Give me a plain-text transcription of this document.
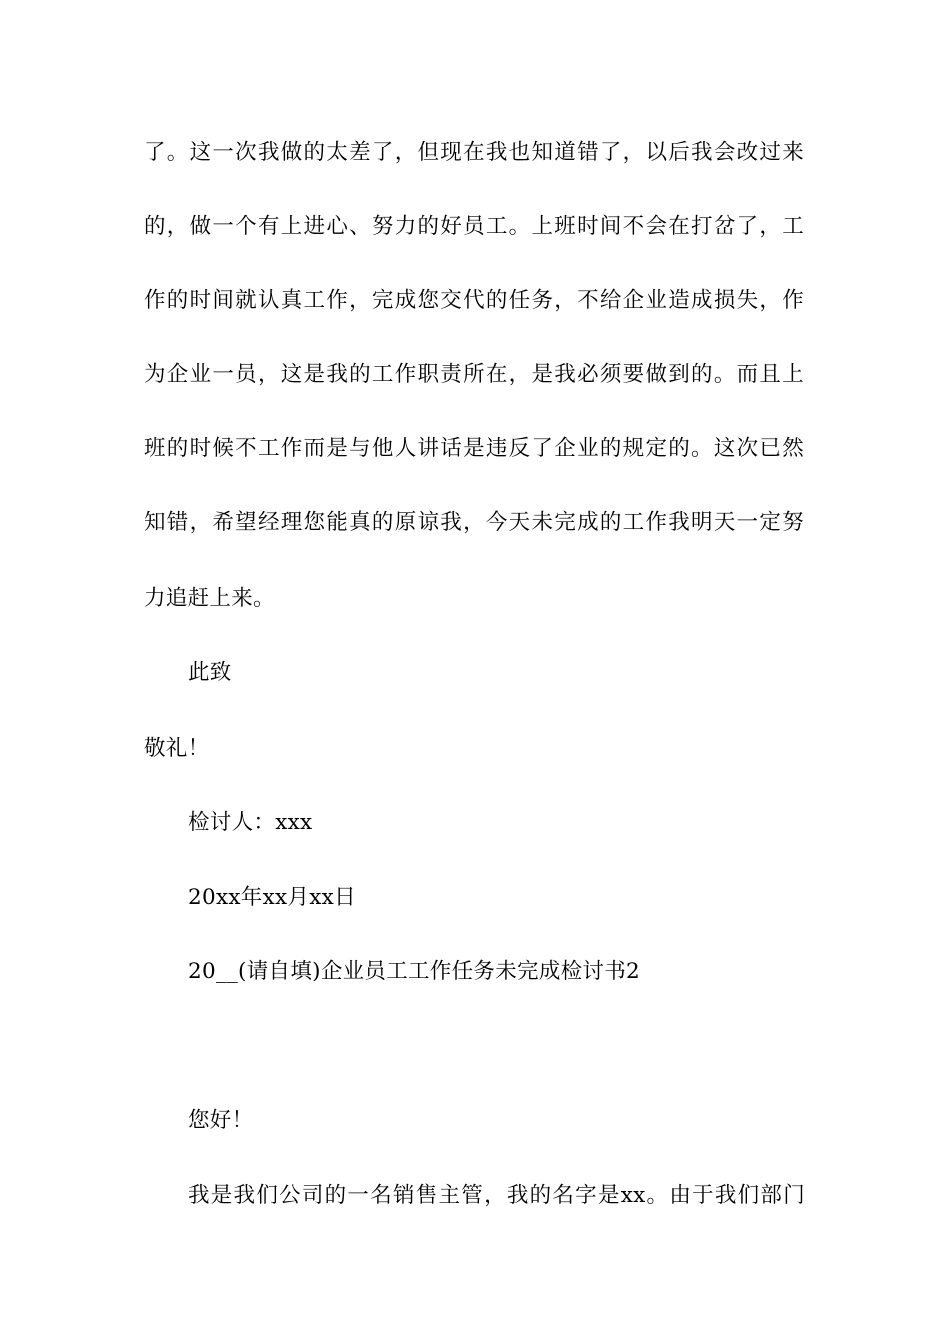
了。这一次我做的太差了，但现在我也知道错了，以后我会改过来
的，做一个有上进心、努力的好员工。上班时间不会在打岔了，工
作的时间就认真工作，完成您交代的任务，不给企业造成损失，作
为企业一员，这是我的工作职责所在，是我必须要做到的。而且上
班的时候不工作而是与他人讲话是违反了企业的规定的。这次已然
知错，希望经理您能真的原谅我，今天未完成的工作我明天一定努
力追赶上来。
此致
敬礼！
检讨人：xxx
20xx年xx月xx日
20__(请自填)企业员工工作任务未完成检讨书2
您好！
我是我们公司的一名销售主管，我的名字是xx。由于我们部门
